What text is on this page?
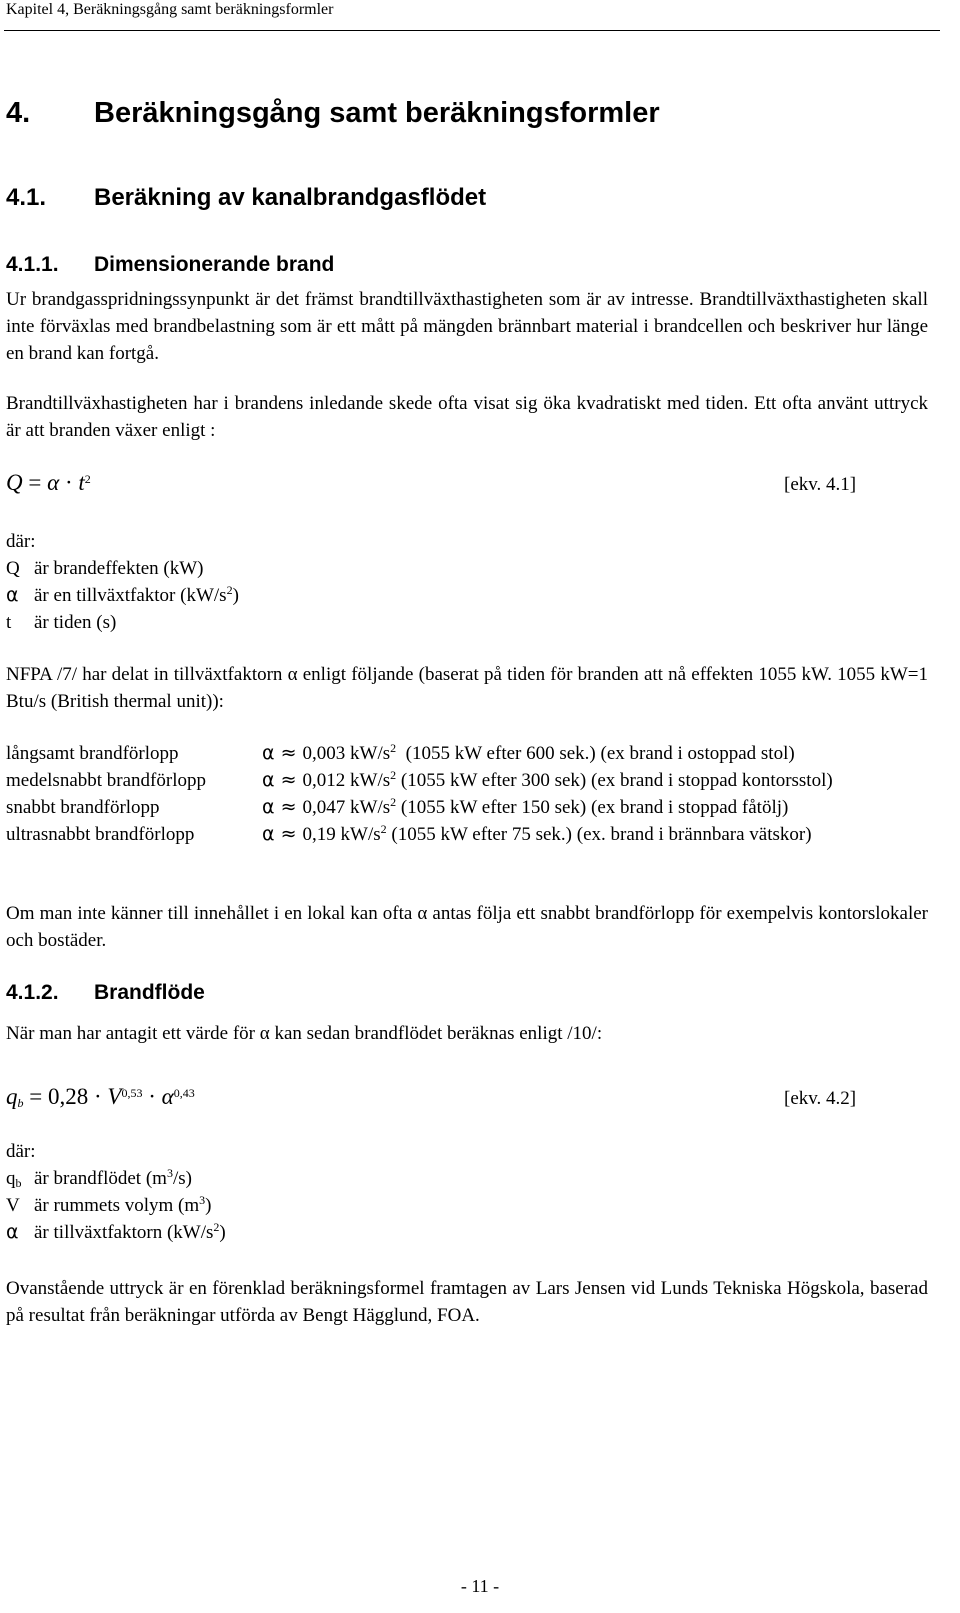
Kapitel 4, Beräkningsgång samt beräkningsformler
4. Beräkningsgång samt beräkningsformler
4.1. Beräkning av kanalbrandgasflödet
4.1.1. Dimensionerande brand
Ur brandgasspridningssynpunkt är det främst brandtillväxthastigheten som är av intresse. Brandtillväxthastigheten skall inte förväxlas med brandbelastning som är ett mått på mängden brännbart material i brandcellen och beskriver hur länge en brand kan fortgå.
Brandtillväxhastigheten har i brandens inledande skede ofta visat sig öka kvadratiskt med tiden. Ett ofta använt uttryck är att branden växer enligt :
$Q = \alpha \cdot t^2$	[ekv. 4.1]
där:
Q är brandeffekten (kW)
α är en tillväxtfaktor $(kW/s^2)$
t är tiden (s)
NFPA /7/ har delat in tillväxtfaktorn α enligt följande (baserat på tiden för branden att nå effekten 1055 kW. 1055 kW=1 Btu/s (British thermal unit)):
långsamt brandförlopp	α ≈ 0,003 $kW/s^2$ (1055 kW efter 600 sek.) (ex brand i ostoppad stol)
medelsnabbt brandförlopp	α ≈ 0,012 $kW/s^2$ (1055 kW efter 300 sek) (ex brand i stoppad kontorsstol)
snabbt brandförlopp	α ≈ 0,047 $kW/s^2$ (1055 kW efter 150 sek) (ex brand i stoppad fåtölj)
ultrasnabbt brandförlopp	α ≈ 0,19 $kW/s^2$ (1055 kW efter 75 sek.) (ex. brand i brännbara vätskor)
Om man inte känner till innehållet i en lokal kan ofta α antas följa ett snabbt brandförlopp för exempelvis kontorslokaler och bostäder.
4.1.2. Brandflöde
När man har antagit ett värde för α kan sedan brandflödet beräknas enligt /10/:
$q_b = 0,28 \cdot V^{0,53} \cdot \alpha^{0,43}$	[ekv. 4.2]
där:
$q_b$ är brandflödet $(m^3/s)$
V är rummets volym $(m^3)$
α är tillväxtfaktorn $(kW/s^2)$
Ovanstående uttryck är en förenklad beräkningsformel framtagen av Lars Jensen vid Lunds Tekniska Högskola, baserad på resultat från beräkningar utförda av Bengt Hägglund, FOA.
- 11 -
